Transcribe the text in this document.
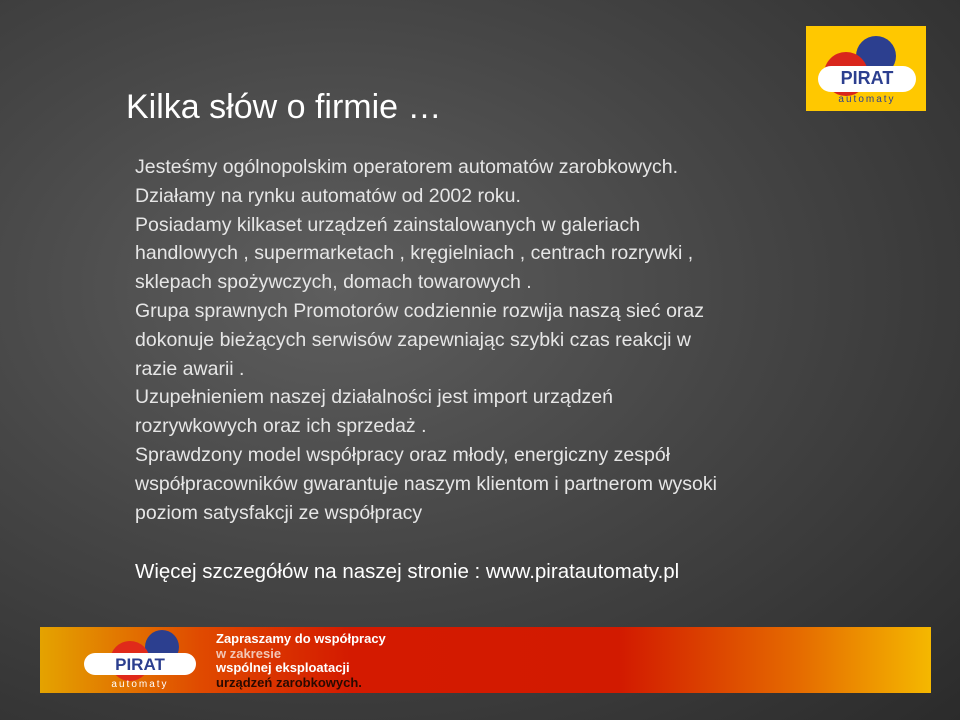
PIRAT
automaty
Kilka słów o firmie …

Jesteśmy ogólnopolskim operatorem automatów zarobkowych.

Działamy na rynku automatów od 2002 roku.

Posiadamy kilkaset urządzeń zainstalowanych w galeriach
handlowych , supermarketach , kręgielniach , centrach rozrywki ,
sklepach spożywczych, domach towarowych .

Grupa sprawnych Promotorów codziennie rozwija naszą sieć oraz
dokonuje bieżących serwisów zapewniając szybki czas reakcji w
razie awarii .

Uzupełnieniem naszej działalności jest import urządzeń
rozrywkowych oraz ich sprzedaż .

Sprawdzony model współpracy oraz młody, energiczny zespół
współpracowników gwarantuje naszym klientom i partnerom wysoki
poziom satysfakcji ze współpracy

Więcej szczegółów na naszej stronie : www.piratautomaty.pl
PIRAT
automaty
Zapraszamy do współpracy
w zakresie
wspólnej eksploatacji
urządzeń zarobkowych.
